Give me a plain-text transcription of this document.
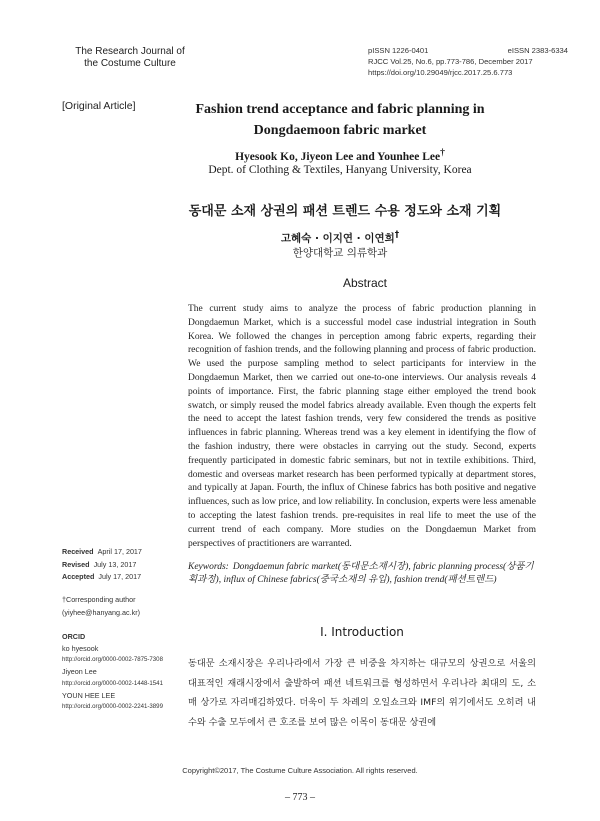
The Research Journal of
the Costume Culture
pISSN 1226-0401	eISSN 2383-6334
RJCC Vol.25, No.6, pp.773-786, December 2017
https://doi.org/10.29049/rjcc.2017.25.6.773
[Original Article]	Fashion trend acceptance and fabric planning in
Dongdaemoon fabric market
Hyesook Ko, Jiyeon Lee and Younhee Lee†
Dept. of Clothing & Textiles, Hanyang University, Korea
동대문 소재 상권의 패션 트렌드 수용 정도와 소재 기획
고혜숙 · 이지연 · 이연희†
한양대학교 의류학과
Abstract
The current study aims to analyze the process of fabric production planning in Dongdaemun Market, which is a successful model case industrial integration in South Korea. We followed the changes in perception among fabric experts, regarding their recognition of fashion trends, and the following planning and process of fabric production. We used the purpose sampling method to select participants for interview in the Dongdaemun Market, then we carried out one-to-one interviews. Our analysis reveals 4 points of importance. First, the fabric planning stage either employed the trend book swatch, or simply reused the model fabrics already available. Even though the experts felt the need to accept the latest fashion trends, very few considered the trends as positive influences in fabric planning. Whereas trend was a key element in identifying the flow of the fashion industry, there were obstacles in carrying out the study. Second, experts frequently participated in domestic fabric seminars, but not in textile exhibitions. Third, domestic and overseas market research has been performed typically at department stores, and typically at Japan. Fourth, the influx of Chinese fabrics has both positive and negative influences, such as low price, and low reliability. In conclusion, experts were less amenable to accepting the latest fashion trends. pre-requisites in real life to meet the use of the current trend of each company. More studies on the Dongdaemun Market from perspectives of practitioners are warranted.
Keywords: Dongdaemun fabric market(동대문소재시장), fabric planning process(상품기획과정), influx of Chinese fabrics(중국소재의 유입), fashion trend(패션트렌드)
Received April 17, 2017
Revised July 13, 2017
Accepted July 17, 2017
†Corresponding author
(yiyhee@hanyang.ac.kr)
ORCID
ko hyesook
http://orcid.org/0000-0002-7875-7308
Jiyeon Lee
http://orcid.org/0000-0002-1448-1541
YOUN HEE LEE
http://orcid.org/0000-0002-2241-3899
Ⅰ. Introduction
동대문 소재시장은 우리나라에서 가장 큰 비중을 차지하는 대규모의 상권으로 서울의 대표적인 재래시장에서 출발하여 패션 네트워크를 형성하면서 우리나라 최대의 도, 소매 상가로 자리매김하였다. 더욱이 두 차례의 오일쇼크와 IMF의 위기에서도 오히려 내수와 수출 모두에서 큰 호조를 보여 많은 이목이 동대문 상권에
Copyright©2017, The Costume Culture Association. All rights reserved.
– 773 –
